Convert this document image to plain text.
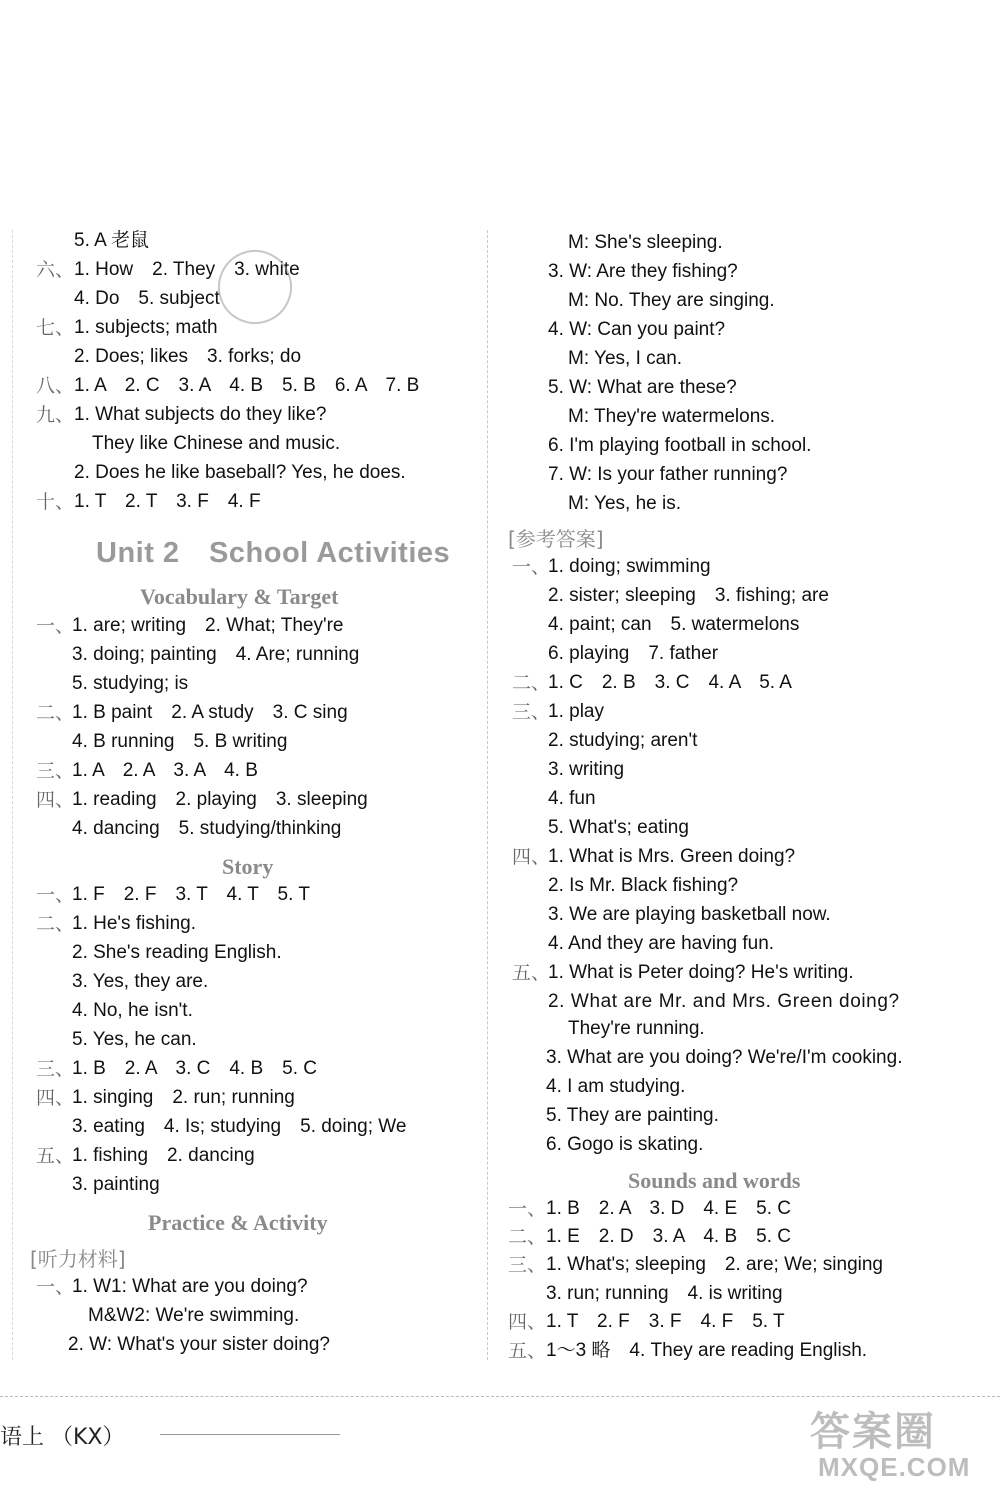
5. A 老鼠
六、 1. How　2. They　3. white
4. Do　5. subject
七、 1. subjects; math
2. Does; likes　3. forks; do
八、 1. A　2. C　3. A　4. B　5. B　6. A　7. B
九、 1. What subjects do they like?
They like Chinese and music.
2. Does he like baseball? Yes, he does.
十、 1. T　2. T　3. F　4. F
Unit 2　School Activities
Vocabulary & Target
一、
1. are; writing　2. What; They're
3. doing; painting　4. Are; running
5. studying; is
二、
1. B paint　2. A study　3. C sing
4. B running　5. B writing
三、
1. A　2. A　3. A　4. B
四、
1. reading　2. playing　3. sleeping
4. dancing　5. studying/thinking
Story
一、
1. F　2. F　3. T　4. T　5. T
二、
1. He's fishing.
2. She's reading English.
3. Yes, they are.
4. No, he isn't.
5. Yes, he can.
三、
1. B　2. A　3. C　4. B　5. C
四、
1. singing　2. run; running
3. eating　4. Is; studying　5. doing; We
五、
1. fishing　2. dancing
3. painting
Practice & Activity
[听力材料]
一、
1. W1: What are you doing?
M&W2: We're swimming.
2. W: What's your sister doing?
M: She's sleeping.
3. W: Are they fishing?
M: No. They are singing.
4. W: Can you paint?
M: Yes, I can.
5. W: What are these?
M: They're watermelons.
6. I'm playing football in school.
7. W: Is your father running?
M: Yes, he is.
[参考答案]
一、
1. doing; swimming
2. sister; sleeping　3. fishing; are
4. paint; can　5. watermelons
6. playing　7. father
二、
1. C　2. B　3. C　4. A　5. A
三、
1. play
2. studying; aren't
3. writing
4. fun
5. What's; eating
四、
1. What is Mrs. Green doing?
2. Is Mr. Black fishing?
3. We are playing basketball now.
4. And they are having fun.
五、
1. What is Peter doing? He's writing.
2. What are Mr. and Mrs. Green doing?
They're running.
3. What are you doing? We're/I'm cooking.
4. I am studying.
5. They are painting.
6. Gogo is skating.
Sounds and words
一、 1. B　2. A　3. D　4. E　5. C
二、 1. E　2. D　3. A　4. B　5. C
三、 1. What's; sleeping　2. are; We; singing
3. run; running　4. is writing
四、 1. T　2. F　3. F　4. F　5. T
五、 1～3 略　4. They are reading English.
语上 （KX）	答案圈
MXQE.COM
